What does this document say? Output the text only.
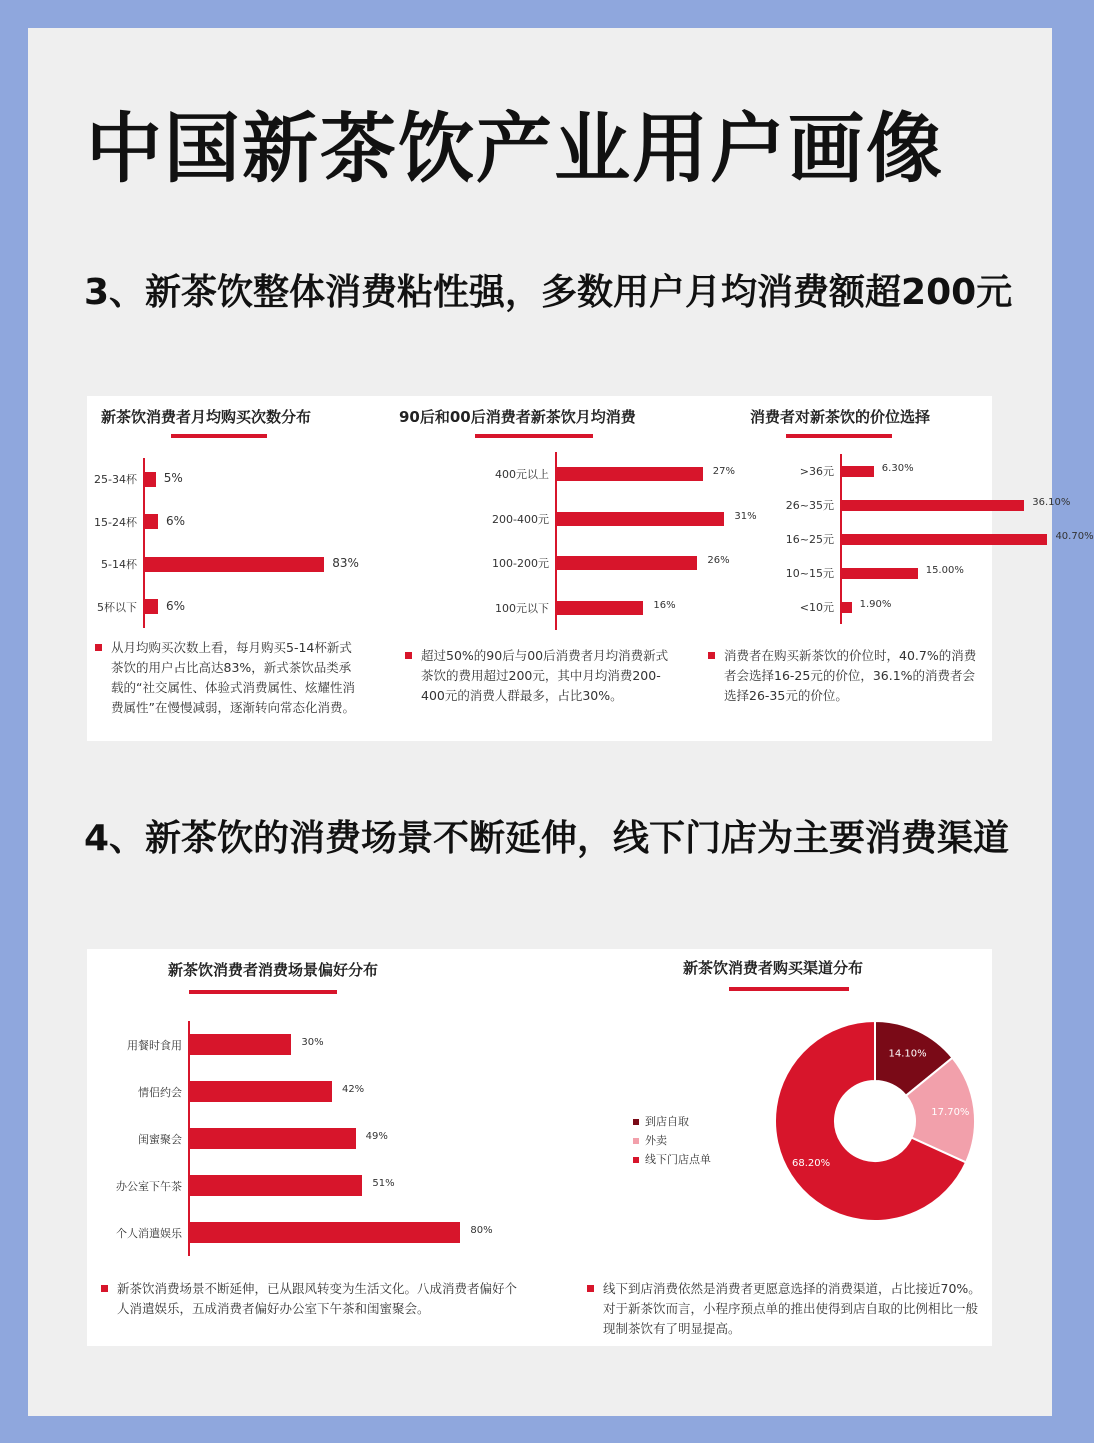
中国新茶饮产业用户画像
3、新茶饮整体消费粘性强，多数用户月均消费额超200元
新茶饮消费者月均购买次数分布
从月均购买次数上看，每月购买5-14杯新式茶饮的用户占比高达83%，新式茶饮品类承载的“社交属性、体验式消费属性、炫耀性消费属性”在慢慢减弱，逐渐转向常态化消费。
25-34杯 5%
15-24杯 6%
5-14杯	83%
5杯以下 6%
90后和00后消费者新茶饮月均消费
超过50%的90后与00后消费者月均消费新式茶饮的费用超过200元，其中月均消费200-400元的消费人群最多，占比30%。
400元以上	27%
200-400元	31%
100-200元	26%
100元以下	16%
消费者对新茶饮的价位选择
消费者在购买新茶饮的价位时，40.7%的消费者会选择16-25元的价位，36.1%的消费者会选择26-35元的价位。
>36元	6.30%
26~35元	36.10%
16~25元	40.70%
10~15元	15.00%
<10元	1.90%
4、新茶饮的消费场景不断延伸，线下门店为主要消费渠道
新茶饮消费者消费场景偏好分布
新茶饮消费场景不断延伸，已从跟风转变为生活文化。八成消费者偏好个人消遣娱乐，五成消费者偏好办公室下午茶和闺蜜聚会。
用餐时食用	30%
情侣约会	42%
闺蜜聚会	49%
办公室下午茶	51%
个人消遣娱乐	80%
新茶饮消费者购买渠道分布
14.10%
17.70%
68.20%
线下到店消费依然是消费者更愿意选择的消费渠道，占比接近70%。对于新茶饮而言，小程序预点单的推出使得到店自取的比例相比一般现制茶饮有了明显提高。
到店自取
外卖
线下门店点单
